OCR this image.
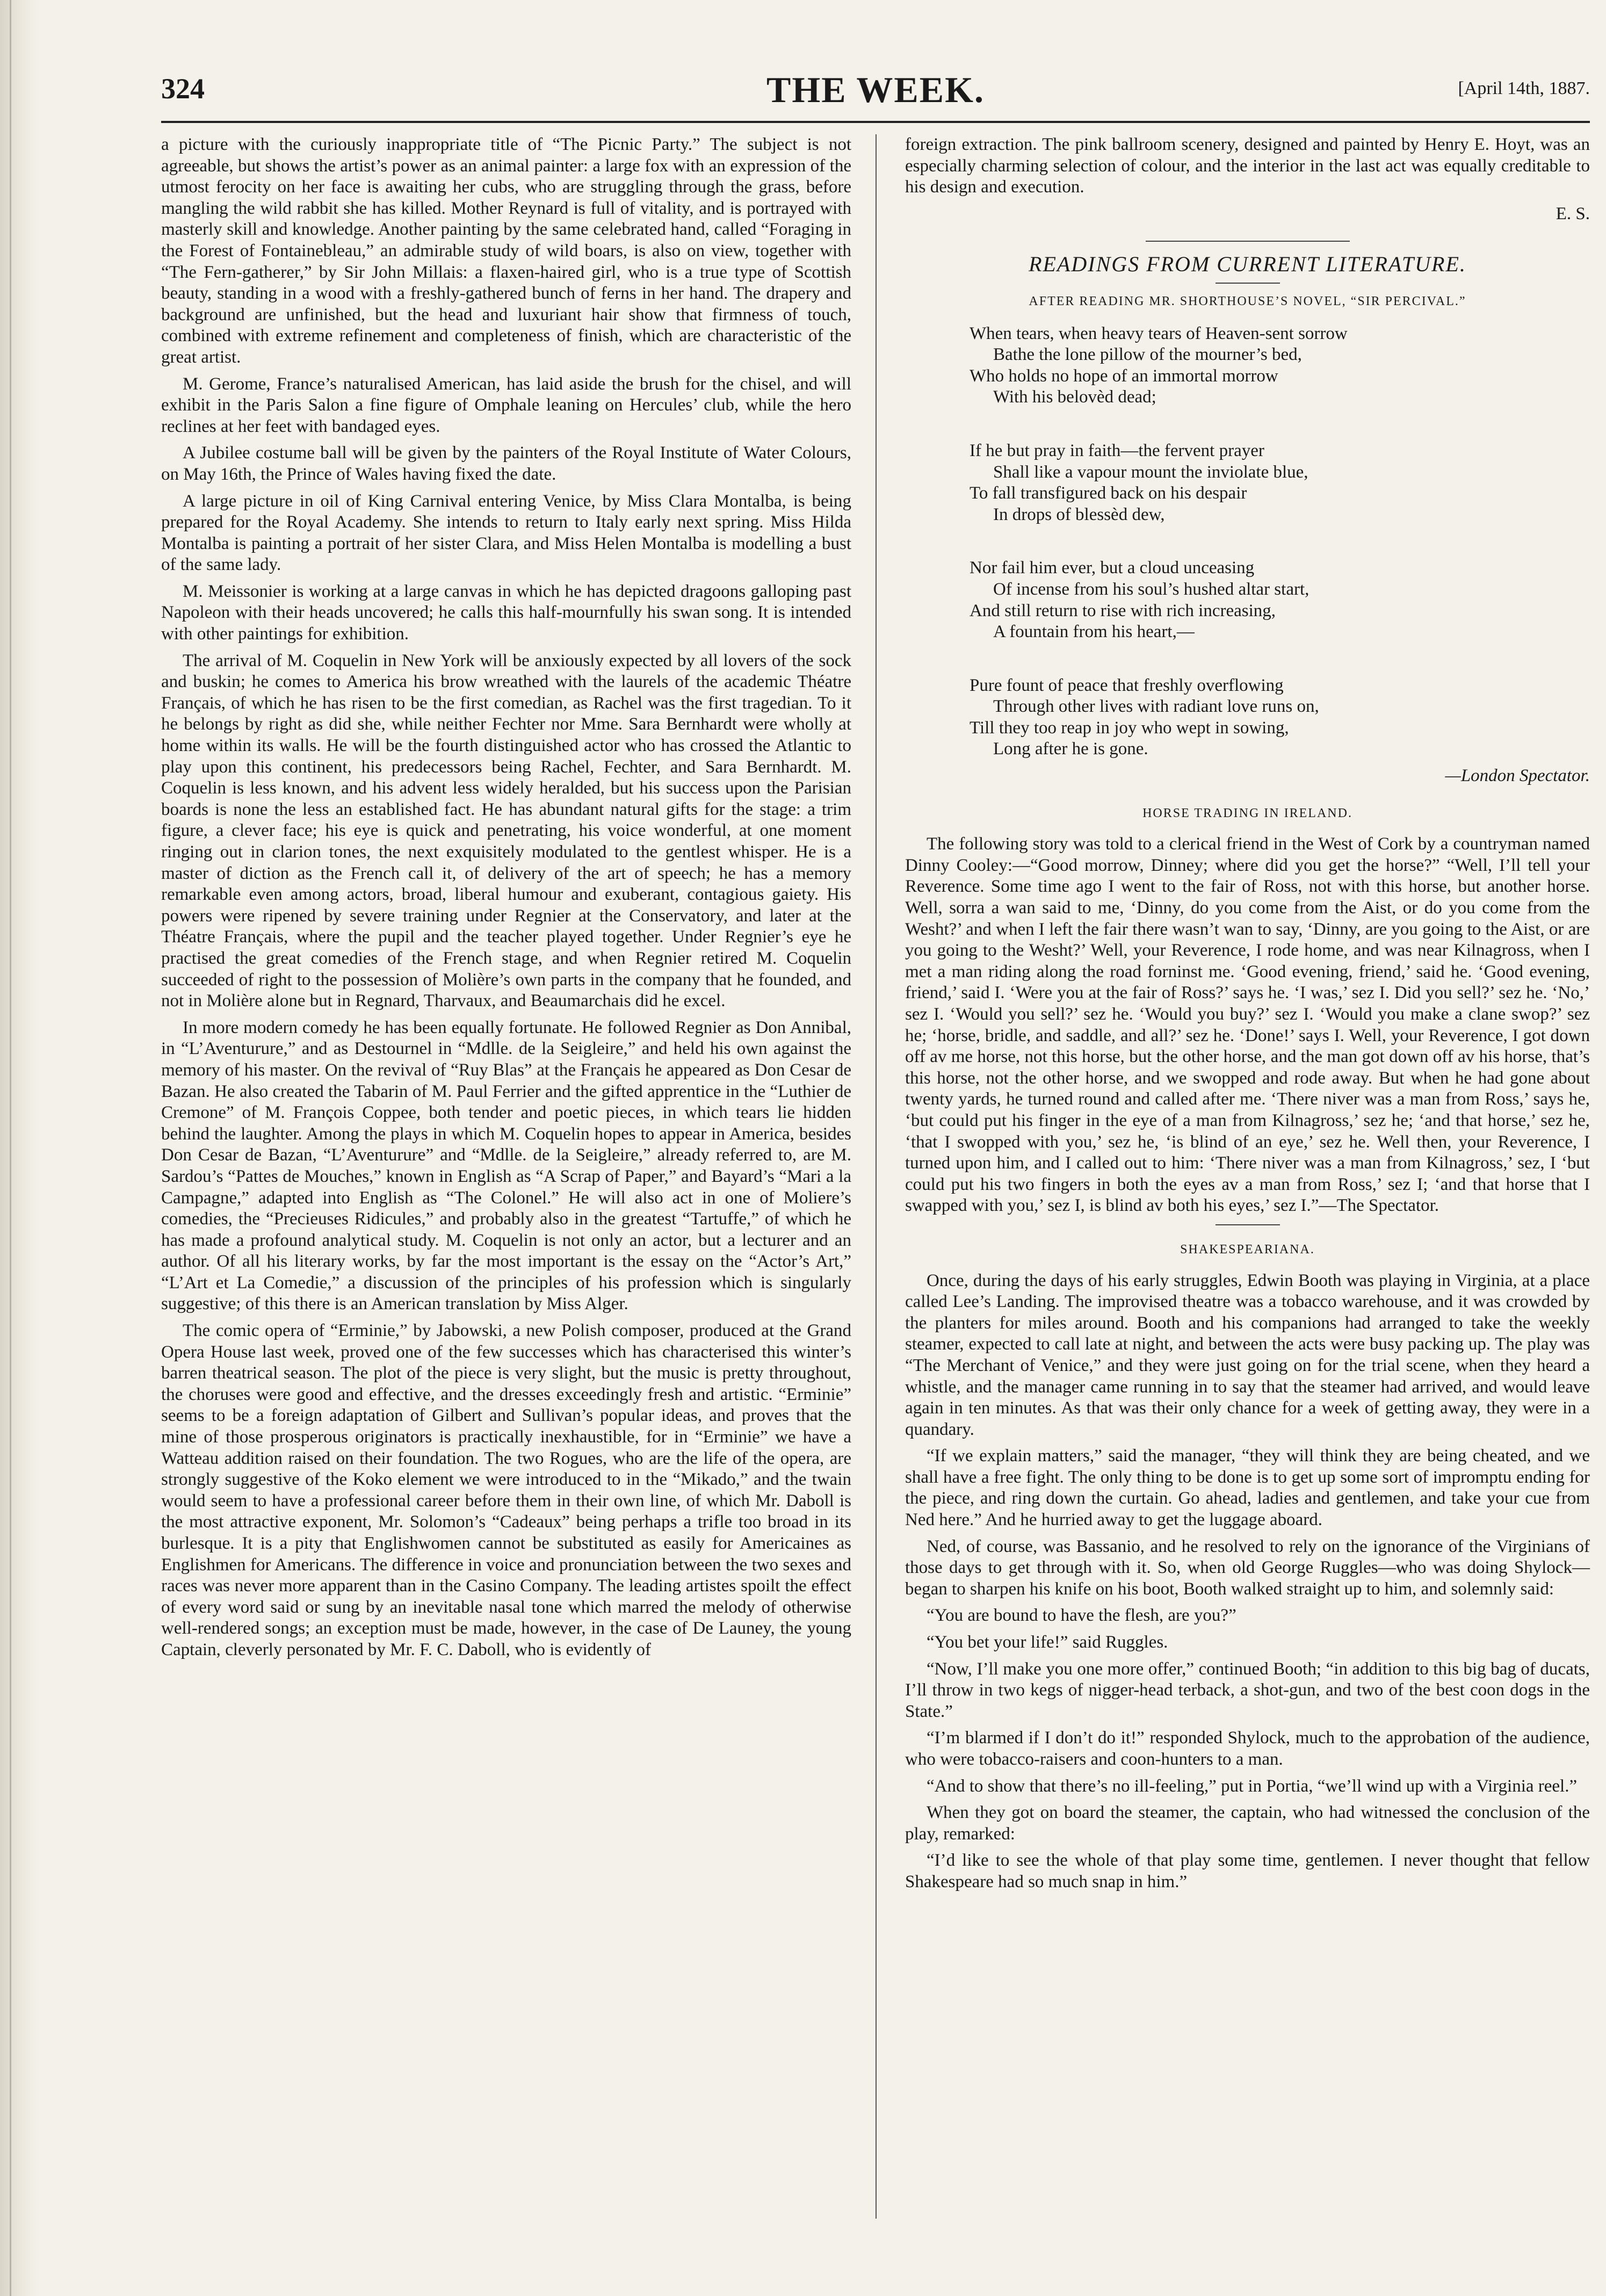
324	THE WEEK.	[April 14th, 1887.

a picture with the curiously inappropriate title of “The Picnic Party.” The subject is not agreeable, but shows the artist’s power as an animal painter: a large fox with an expression of the utmost ferocity on her face is awaiting her cubs, who are struggling through the grass, before mangling the wild rabbit she has killed. Mother Reynard is full of vitality, and is portrayed with masterly skill and knowledge. Another painting by the same celebrated hand, called “Foraging in the Forest of Fontainebleau,” an admirable study of wild boars, is also on view, together with “The Fern-gatherer,” by Sir John Millais: a flaxen-haired girl, who is a true type of Scottish beauty, standing in a wood with a freshly-gathered bunch of ferns in her hand. The drapery and background are unfinished, but the head and luxuriant hair show that firmness of touch, combined with extreme refinement and completeness of finish, which are characteristic of the great artist.

M. Gerome, France’s naturalised American, has laid aside the brush for the chisel, and will exhibit in the Paris Salon a fine figure of Omphale leaning on Hercules’ club, while the hero reclines at her feet with bandaged eyes.

A Jubilee costume ball will be given by the painters of the Royal Institute of Water Colours, on May 16th, the Prince of Wales having fixed the date.

A large picture in oil of King Carnival entering Venice, by Miss Clara Montalba, is being prepared for the Royal Academy. She intends to return to Italy early next spring. Miss Hilda Montalba is painting a portrait of her sister Clara, and Miss Helen Montalba is modelling a bust of the same lady.

M. Meissonier is working at a large canvas in which he has depicted dragoons galloping past Napoleon with their heads uncovered; he calls this half-mournfully his swan song. It is intended with other paintings for exhibition.

The arrival of M. Coquelin in New York will be anxiously expected by all lovers of the sock and buskin; he comes to America his brow wreathed with the laurels of the academic Théatre Français, of which he has risen to be the first comedian, as Rachel was the first tragedian. To it he belongs by right as did she, while neither Fechter nor Mme. Sara Bernhardt were wholly at home within its walls. He will be the fourth distinguished actor who has crossed the Atlantic to play upon this continent, his predecessors being Rachel, Fechter, and Sara Bernhardt. M. Coquelin is less known, and his advent less widely heralded, but his success upon the Parisian boards is none the less an established fact. He has abundant natural gifts for the stage: a trim figure, a clever face; his eye is quick and penetrating, his voice wonderful, at one moment ringing out in clarion tones, the next exquisitely modulated to the gentlest whisper. He is a master of diction as the French call it, of delivery of the art of speech; he has a memory remarkable even among actors, broad, liberal humour and exuberant, contagious gaiety. His powers were ripened by severe training under Regnier at the Conservatory, and later at the Théatre Français, where the pupil and the teacher played together. Under Regnier’s eye he practised the great comedies of the French stage, and when Regnier retired M. Coquelin succeeded of right to the possession of Molière’s own parts in the company that he founded, and not in Molière alone but in Regnard, Tharvaux, and Beaumarchais did he excel.

In more modern comedy he has been equally fortunate. He followed Regnier as Don Annibal, in “L’Aventurure,” and as Destournel in “Mdlle. de la Seigleire,” and held his own against the memory of his master. On the revival of “Ruy Blas” at the Français he appeared as Don Cesar de Bazan. He also created the Tabarin of M. Paul Ferrier and the gifted apprentice in the “Luthier de Cremone” of M. François Coppee, both tender and poetic pieces, in which tears lie hidden behind the laughter. Among the plays in which M. Coquelin hopes to appear in America, besides Don Cesar de Bazan, “L’Aventurure” and “Mdlle. de la Seigleire,” already referred to, are M. Sardou’s “Pattes de Mouches,” known in English as “A Scrap of Paper,” and Bayard’s “Mari a la Campagne,” adapted into English as “The Colonel.” He will also act in one of Moliere’s comedies, the “Precieuses Ridicules,” and probably also in the greatest “Tartuffe,” of which he has made a profound analytical study. M. Coquelin is not only an actor, but a lecturer and an author. Of all his literary works, by far the most important is the essay on the “Actor’s Art,” “L’Art et La Comedie,” a discussion of the principles of his profession which is singularly suggestive; of this there is an American translation by Miss Alger.

The comic opera of “Erminie,” by Jabowski, a new Polish composer, produced at the Grand Opera House last week, proved one of the few successes which has characterised this winter’s barren theatrical season. The plot of the piece is very slight, but the music is pretty throughout, the choruses were good and effective, and the dresses exceedingly fresh and artistic. “Erminie” seems to be a foreign adaptation of Gilbert and Sullivan’s popular ideas, and proves that the mine of those prosperous originators is practically inexhaustible, for in “Erminie” we have a Watteau addition raised on their foundation. The two Rogues, who are the life of the opera, are strongly suggestive of the Koko element we were introduced to in the “Mikado,” and the twain would seem to have a professional career before them in their own line, of which Mr. Daboll is the most attractive exponent, Mr. Solomon’s “Cadeaux” being perhaps a trifle too broad in its burlesque. It is a pity that Englishwomen cannot be substituted as easily for Americaines as Englishmen for Americans. The difference in voice and pronunciation between the two sexes and races was never more apparent than in the Casino Company. The leading artistes spoilt the effect of every word said or sung by an inevitable nasal tone which marred the melody of otherwise well-rendered songs; an exception must be made, however, in the case of De Launey, the young Captain, cleverly personated by Mr. F. C. Daboll, who is evidently of

foreign extraction. The pink ballroom scenery, designed and painted by Henry E. Hoyt, was an especially charming selection of colour, and the interior in the last act was equally creditable to his design and execution.

E. S.
READINGS FROM CURRENT LITERATURE.
AFTER READING MR. SHORTHOUSE’S NOVEL, “SIR PERCIVAL.”
When tears, when heavy tears of Heaven-sent sorrow
Bathe the lone pillow of the mourner’s bed,
Who holds no hope of an immortal morrow
With his belovèd dead;
If he but pray in faith—the fervent prayer
Shall like a vapour mount the inviolate blue,
To fall transfigured back on his despair
In drops of blessèd dew,
Nor fail him ever, but a cloud unceasing
Of incense from his soul’s hushed altar start,
And still return to rise with rich increasing,
A fountain from his heart,—
Pure fount of peace that freshly overflowing
Through other lives with radiant love runs on,
Till they too reap in joy who wept in sowing,
Long after he is gone.
—London Spectator.
HORSE TRADING IN IRELAND.

The following story was told to a clerical friend in the West of Cork by a countryman named Dinny Cooley:—“Good morrow, Dinney; where did you get the horse?” “Well, I’ll tell your Reverence. Some time ago I went to the fair of Ross, not with this horse, but another horse. Well, sorra a wan said to me, ‘Dinny, do you come from the Aist, or do you come from the Wesht?’ and when I left the fair there wasn’t wan to say, ‘Dinny, are you going to the Aist, or are you going to the Wesht?’ Well, your Reverence, I rode home, and was near Kilnagross, when I met a man riding along the road forninst me. ‘Good evening, friend,’ said he. ‘Good evening, friend,’ said I. ‘Were you at the fair of Ross?’ says he. ‘I was,’ sez I. Did you sell?’ sez he. ‘No,’ sez I. ‘Would you sell?’ sez he. ‘Would you buy?’ sez I. ‘Would you make a clane swop?’ sez he; ‘horse, bridle, and saddle, and all?’ sez he. ‘Done!’ says I. Well, your Reverence, I got down off av me horse, not this horse, but the other horse, and the man got down off av his horse, that’s this horse, not the other horse, and we swopped and rode away. But when he had gone about twenty yards, he turned round and called after me. ‘There niver was a man from Ross,’ says he, ‘but could put his finger in the eye of a man from Kilnagross,’ sez he; ‘and that horse,’ sez he, ‘that I swopped with you,’ sez he, ‘is blind of an eye,’ sez he. Well then, your Reverence, I turned upon him, and I called out to him: ‘There niver was a man from Kilnagross,’ sez, I ‘but could put his two fingers in both the eyes av a man from Ross,’ sez I; ‘and that horse that I swapped with you,’ sez I, is blind av both his eyes,’ sez I.”—The Spectator.

SHAKESPEARIANA.

Once, during the days of his early struggles, Edwin Booth was playing in Virginia, at a place called Lee’s Landing. The improvised theatre was a tobacco warehouse, and it was crowded by the planters for miles around. Booth and his companions had arranged to take the weekly steamer, expected to call late at night, and between the acts were busy packing up. The play was “The Merchant of Venice,” and they were just going on for the trial scene, when they heard a whistle, and the manager came running in to say that the steamer had arrived, and would leave again in ten minutes. As that was their only chance for a week of getting away, they were in a quandary.

“If we explain matters,” said the manager, “they will think they are being cheated, and we shall have a free fight. The only thing to be done is to get up some sort of impromptu ending for the piece, and ring down the curtain. Go ahead, ladies and gentlemen, and take your cue from Ned here.” And he hurried away to get the luggage aboard.

Ned, of course, was Bassanio, and he resolved to rely on the ignorance of the Virginians of those days to get through with it. So, when old George Ruggles—who was doing Shylock—began to sharpen his knife on his boot, Booth walked straight up to him, and solemnly said:

“You are bound to have the flesh, are you?”

“You bet your life!” said Ruggles.

“Now, I’ll make you one more offer,” continued Booth; “in addition to this big bag of ducats, I’ll throw in two kegs of nigger-head terback, a shot-gun, and two of the best coon dogs in the State.”

“I’m blarmed if I don’t do it!” responded Shylock, much to the approbation of the audience, who were tobacco-raisers and coon-hunters to a man.

“And to show that there’s no ill-feeling,” put in Portia, “we’ll wind up with a Virginia reel.”

When they got on board the steamer, the captain, who had witnessed the conclusion of the play, remarked:

“I’d like to see the whole of that play some time, gentlemen. I never thought that fellow Shakespeare had so much snap in him.”
